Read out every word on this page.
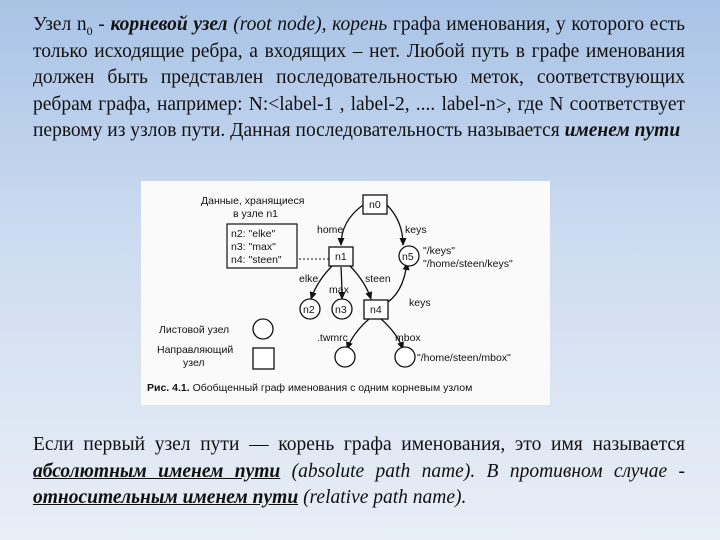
Узел $n_0$ - корневой узел (root node), корень графа именования, у которого есть только исходящие ребра, а входящих – нет. Любой путь в графе именования должен быть представлен последовательностью меток, соответствующих ребрам графа, например: N:<label-1 , label-2, .... label-n>, где N соответствует первому из узлов пути. Данная последовательность называется именем пути

Данные, хранящиеся
в узле n1
n2: "elke"
n3: "max"
n4: "steen"
n0
n1	n5
n2 n3 n4
home	keys
elke
max
steen
keys
.twmrc	mbox
"/keys"
"/home/steen/keys"
"/home/steen/mbox"
Листовой узел
Направляющий
узел
Рис. 4.1. Обобщенный граф именования с одним корневым узлом

Если первый узел пути — корень графа именования, это имя называется абсолютным именем пути (absolute path name). В противном случае - относительным именем пути (relative path name).
